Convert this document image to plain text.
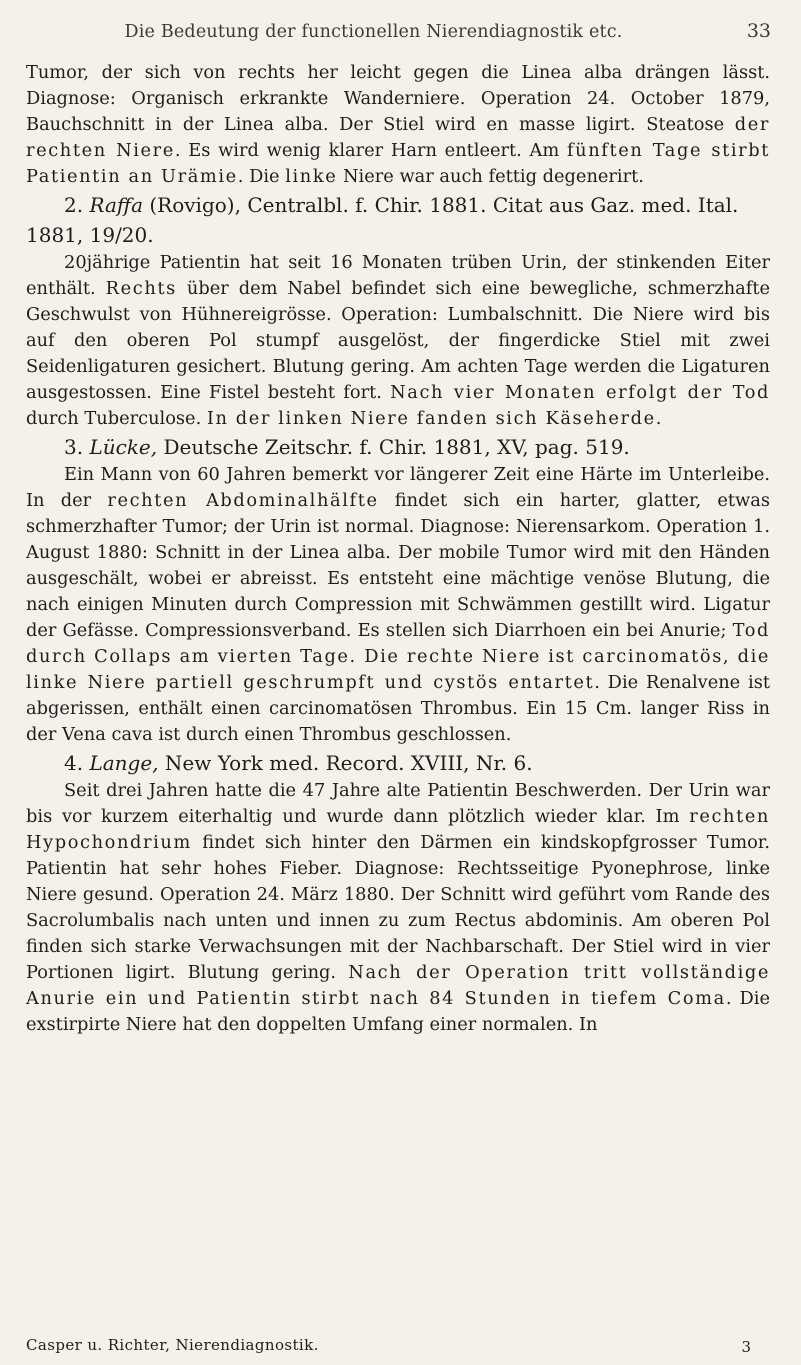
Die Bedeutung der functionellen Nierendiagnostik etc.	33

Tumor, der sich von rechts her leicht gegen die Linea alba drängen lässt. Diagnose: Organisch erkrankte Wanderniere. Operation 24. October 1879, Bauchschnitt in der Linea alba. Der Stiel wird en masse ligirt. Steatose der rechten Niere. Es wird wenig klarer Harn entleert. Am fünften Tage stirbt Patientin an Urämie. Die linke Niere war auch fettig degenerirt.

2. Raffa (Rovigo), Centralbl. f. Chir. 1881. Citat aus Gaz. med. Ital. 1881, 19/20.

20jährige Patientin hat seit 16 Monaten trüben Urin, der stinkenden Eiter enthält. Rechts über dem Nabel befindet sich eine bewegliche, schmerzhafte Geschwulst von Hühnereigrösse. Operation: Lumbalschnitt. Die Niere wird bis auf den oberen Pol stumpf ausgelöst, der fingerdicke Stiel mit zwei Seidenligaturen gesichert. Blutung gering. Am achten Tage werden die Ligaturen ausgestossen. Eine Fistel besteht fort. Nach vier Monaten erfolgt der Tod durch Tuberculose. In der linken Niere fanden sich Käseherde.

3. Lücke, Deutsche Zeitschr. f. Chir. 1881, XV, pag. 519.

Ein Mann von 60 Jahren bemerkt vor längerer Zeit eine Härte im Unterleibe. In der rechten Abdominalhälfte findet sich ein harter, glatter, etwas schmerzhafter Tumor; der Urin ist normal. Diagnose: Nierensarkom. Operation 1. August 1880: Schnitt in der Linea alba. Der mobile Tumor wird mit den Händen ausgeschält, wobei er abreisst. Es entsteht eine mächtige venöse Blutung, die nach einigen Minuten durch Compression mit Schwämmen gestillt wird. Ligatur der Gefässe. Compressionsverband. Es stellen sich Diarrhoen ein bei Anurie; Tod durch Collaps am vierten Tage. Die rechte Niere ist carcinomatös, die linke Niere partiell geschrumpft und cystös entartet. Die Renalvene ist abgerissen, enthält einen carcinomatösen Thrombus. Ein 15 Cm. langer Riss in der Vena cava ist durch einen Thrombus geschlossen.

4. Lange, New York med. Record. XVIII, Nr. 6.

Seit drei Jahren hatte die 47 Jahre alte Patientin Beschwerden. Der Urin war bis vor kurzem eiterhaltig und wurde dann plötzlich wieder klar. Im rechten Hypochondrium findet sich hinter den Därmen ein kindskopfgrosser Tumor. Patientin hat sehr hohes Fieber. Diagnose: Rechtsseitige Pyonephrose, linke Niere gesund. Operation 24. März 1880. Der Schnitt wird geführt vom Rande des Sacrolumbalis nach unten und innen zu zum Rectus abdominis. Am oberen Pol finden sich starke Verwachsungen mit der Nachbarschaft. Der Stiel wird in vier Portionen ligirt. Blutung gering. Nach der Operation tritt vollständige Anurie ein und Patientin stirbt nach 84 Stunden in tiefem Coma. Die exstirpirte Niere hat den doppelten Umfang einer normalen. In

Casper u. Richter, Nierendiagnostik.	3
